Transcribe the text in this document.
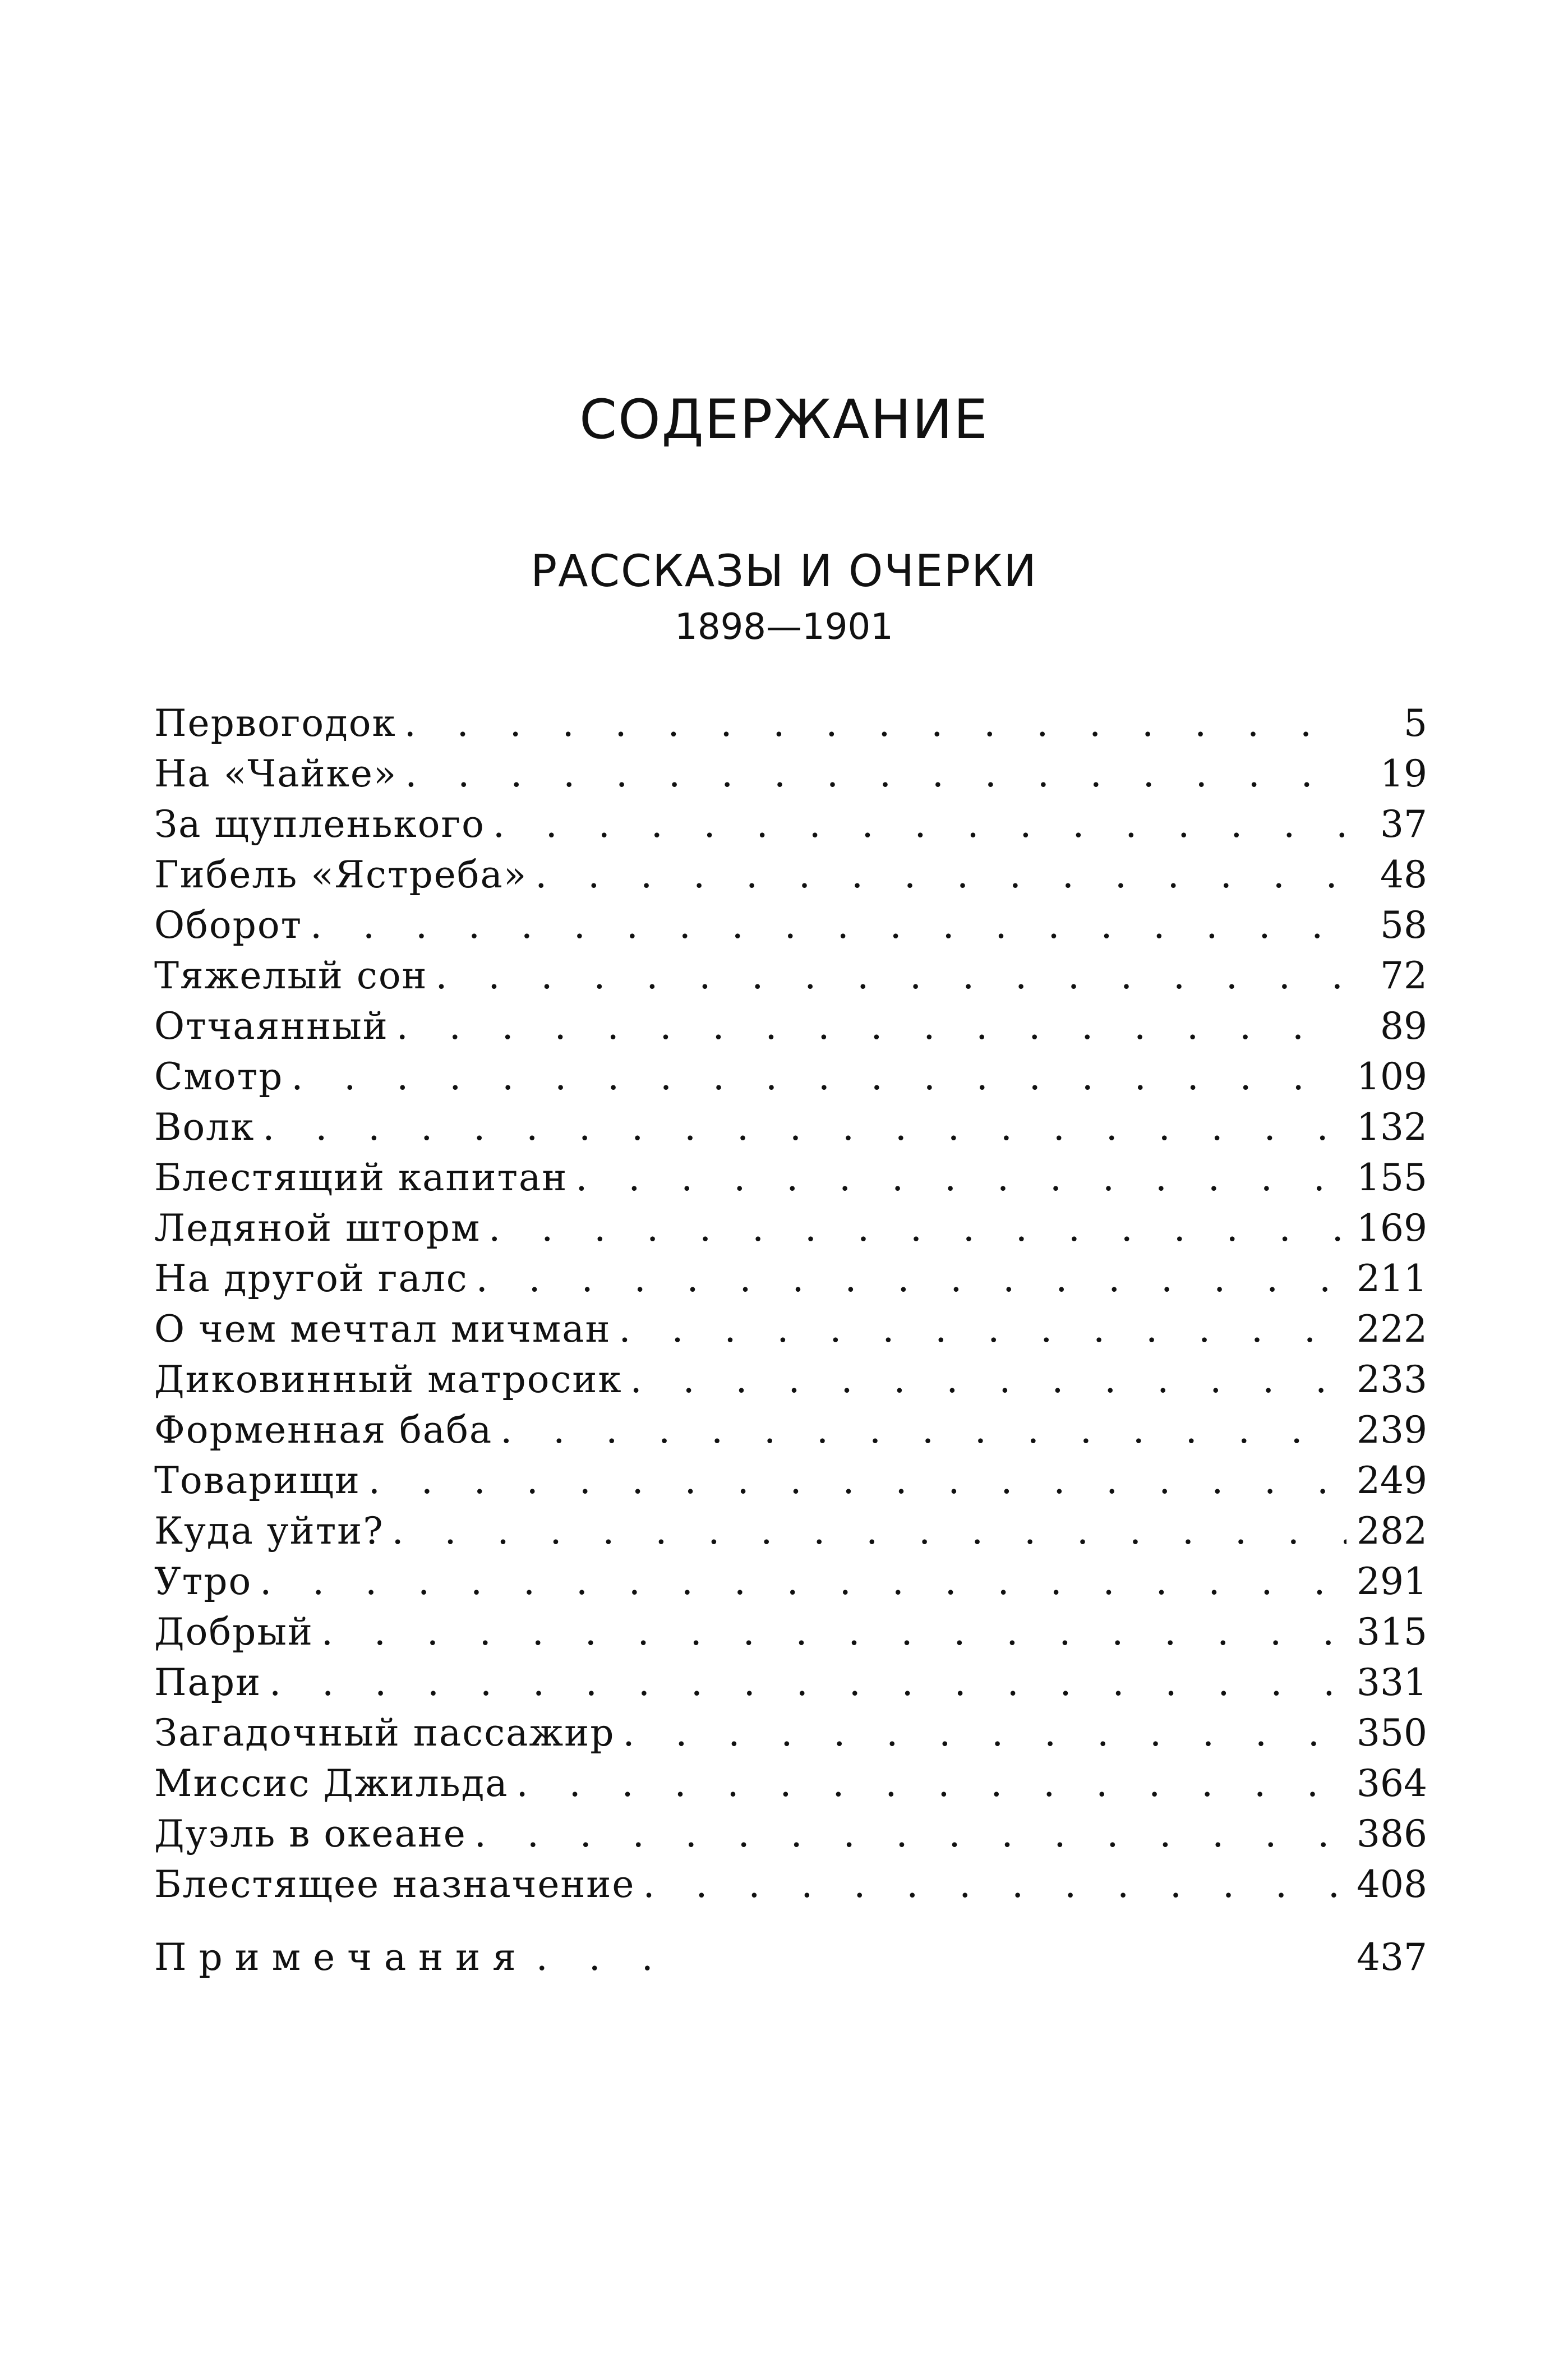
СОДЕРЖАНИЕ
РАССКАЗЫ И ОЧЕРКИ
1898—1901
Первогодок . . .	5
На «Чайке» . . .	19
За щупленького . . .	37
Гибель «Ястреба» . . .	48
Оборот . . .	58
Тяжелый сон . . .	72
Отчаянный . . .	89
Смотр . . .	109
Волк . . .	132
Блестящий капитан . . .	155
Ледяной шторм . . .	169
На другой галс . . .	211
О чем мечтал мичман . . .	222
Диковинный матросик . . .	233
Форменная баба . . .	239
Товарищи . . .	249
Куда уйти? . . .	282
Утро . . .	291
Добрый . . .	315
Пари . . .	331
Загадочный пассажир . . .	350
Миссис Джильда . . .	364
Дуэль в океане . . .	386
Блестящее назначение . . .	408
Примечания . . .	437
